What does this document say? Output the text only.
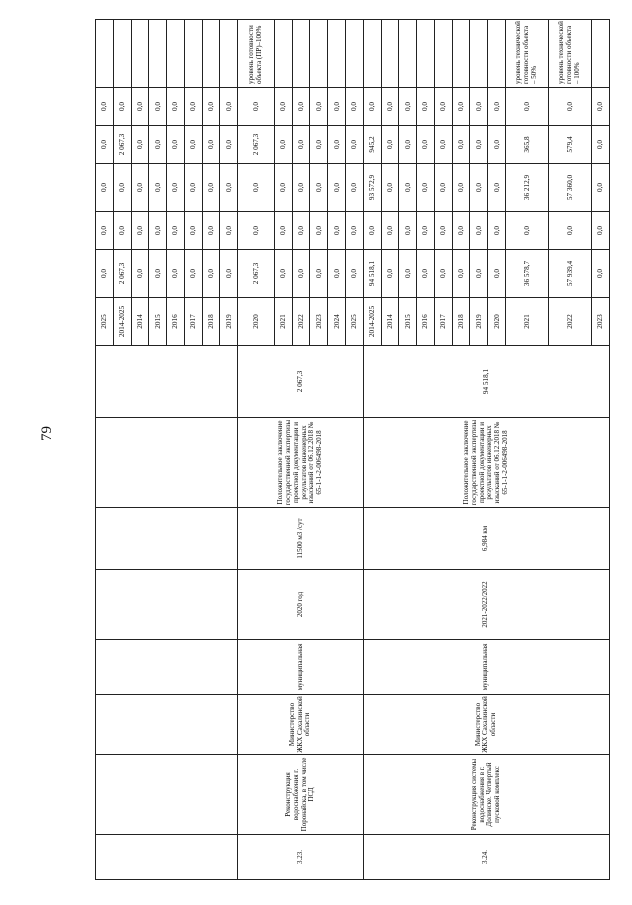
79
								2025	0,0	0,0	0,0	0,0	0,0	
								2014-2025	2 067,3	0,0	0,0	2 067,3	0,0	
								2014	0,0	0,0	0,0	0,0	0,0	
								2015	0,0	0,0	0,0	0,0	0,0	
								2016	0,0	0,0	0,0	0,0	0,0	
								2017	0,0	0,0	0,0	0,0	0,0	
								2018	0,0	0,0	0,0	0,0	0,0	
								2019	0,0	0,0	0,0	0,0	0,0	
3.23.	Реконструкция водоснабжения г. Поронайска, в том числе ПСД	Министерство ЖКХ Сахалинской области	муниципальная	2020 год	11500 м3 /сут	Положительное заключение государственной экспертизы проектной документации и результатов инженерных изысканий от 06.12.2018 № 65-1-1-2-006498-2018	2 067,3	2020	2 067,3	0,0	0,0	2 067,3	0,0	уровень готовности объекта (ПР)–100%
								2021	0,0	0,0	0,0	0,0	0,0	
								2022	0,0	0,0	0,0	0,0	0,0	
								2023	0,0	0,0	0,0	0,0	0,0	
								2024	0,0	0,0	0,0	0,0	0,0	
								2025	0,0	0,0	0,0	0,0	0,0	
3.24.	Реконструкция системы водоснабжения в г. Долинске. Четвертый пусковой комплекс	Министерство ЖКХ Сахалинской области	муниципальная	2021-2022/2022	6,984 км	Положительное заключение государственной экспертизы проектной документации и результатов инженерных изысканий от 06.12.2018 № 65-1-1-2-006498-2018	94 518,1	2014-2025	94 518,1	0,0	93 572,9	945,2	0,0	
								2014	0,0	0,0	0,0	0,0	0,0	
								2015	0,0	0,0	0,0	0,0	0,0	
								2016	0,0	0,0	0,0	0,0	0,0	
								2017	0,0	0,0	0,0	0,0	0,0	
								2018	0,0	0,0	0,0	0,0	0,0	
								2019	0,0	0,0	0,0	0,0	0,0	
								2020	0,0	0,0	0,0	0,0	0,0	
								2021	36 578,7	0,0	36 212,9	365,8	0,0	уровень технической готовности объекта – 50%
								2022	57 939,4	0,0	57 360,0	579,4	0,0	уровень технической готовности объекта – 100%
								2023	0,0	0,0	0,0	0,0	0,0	
